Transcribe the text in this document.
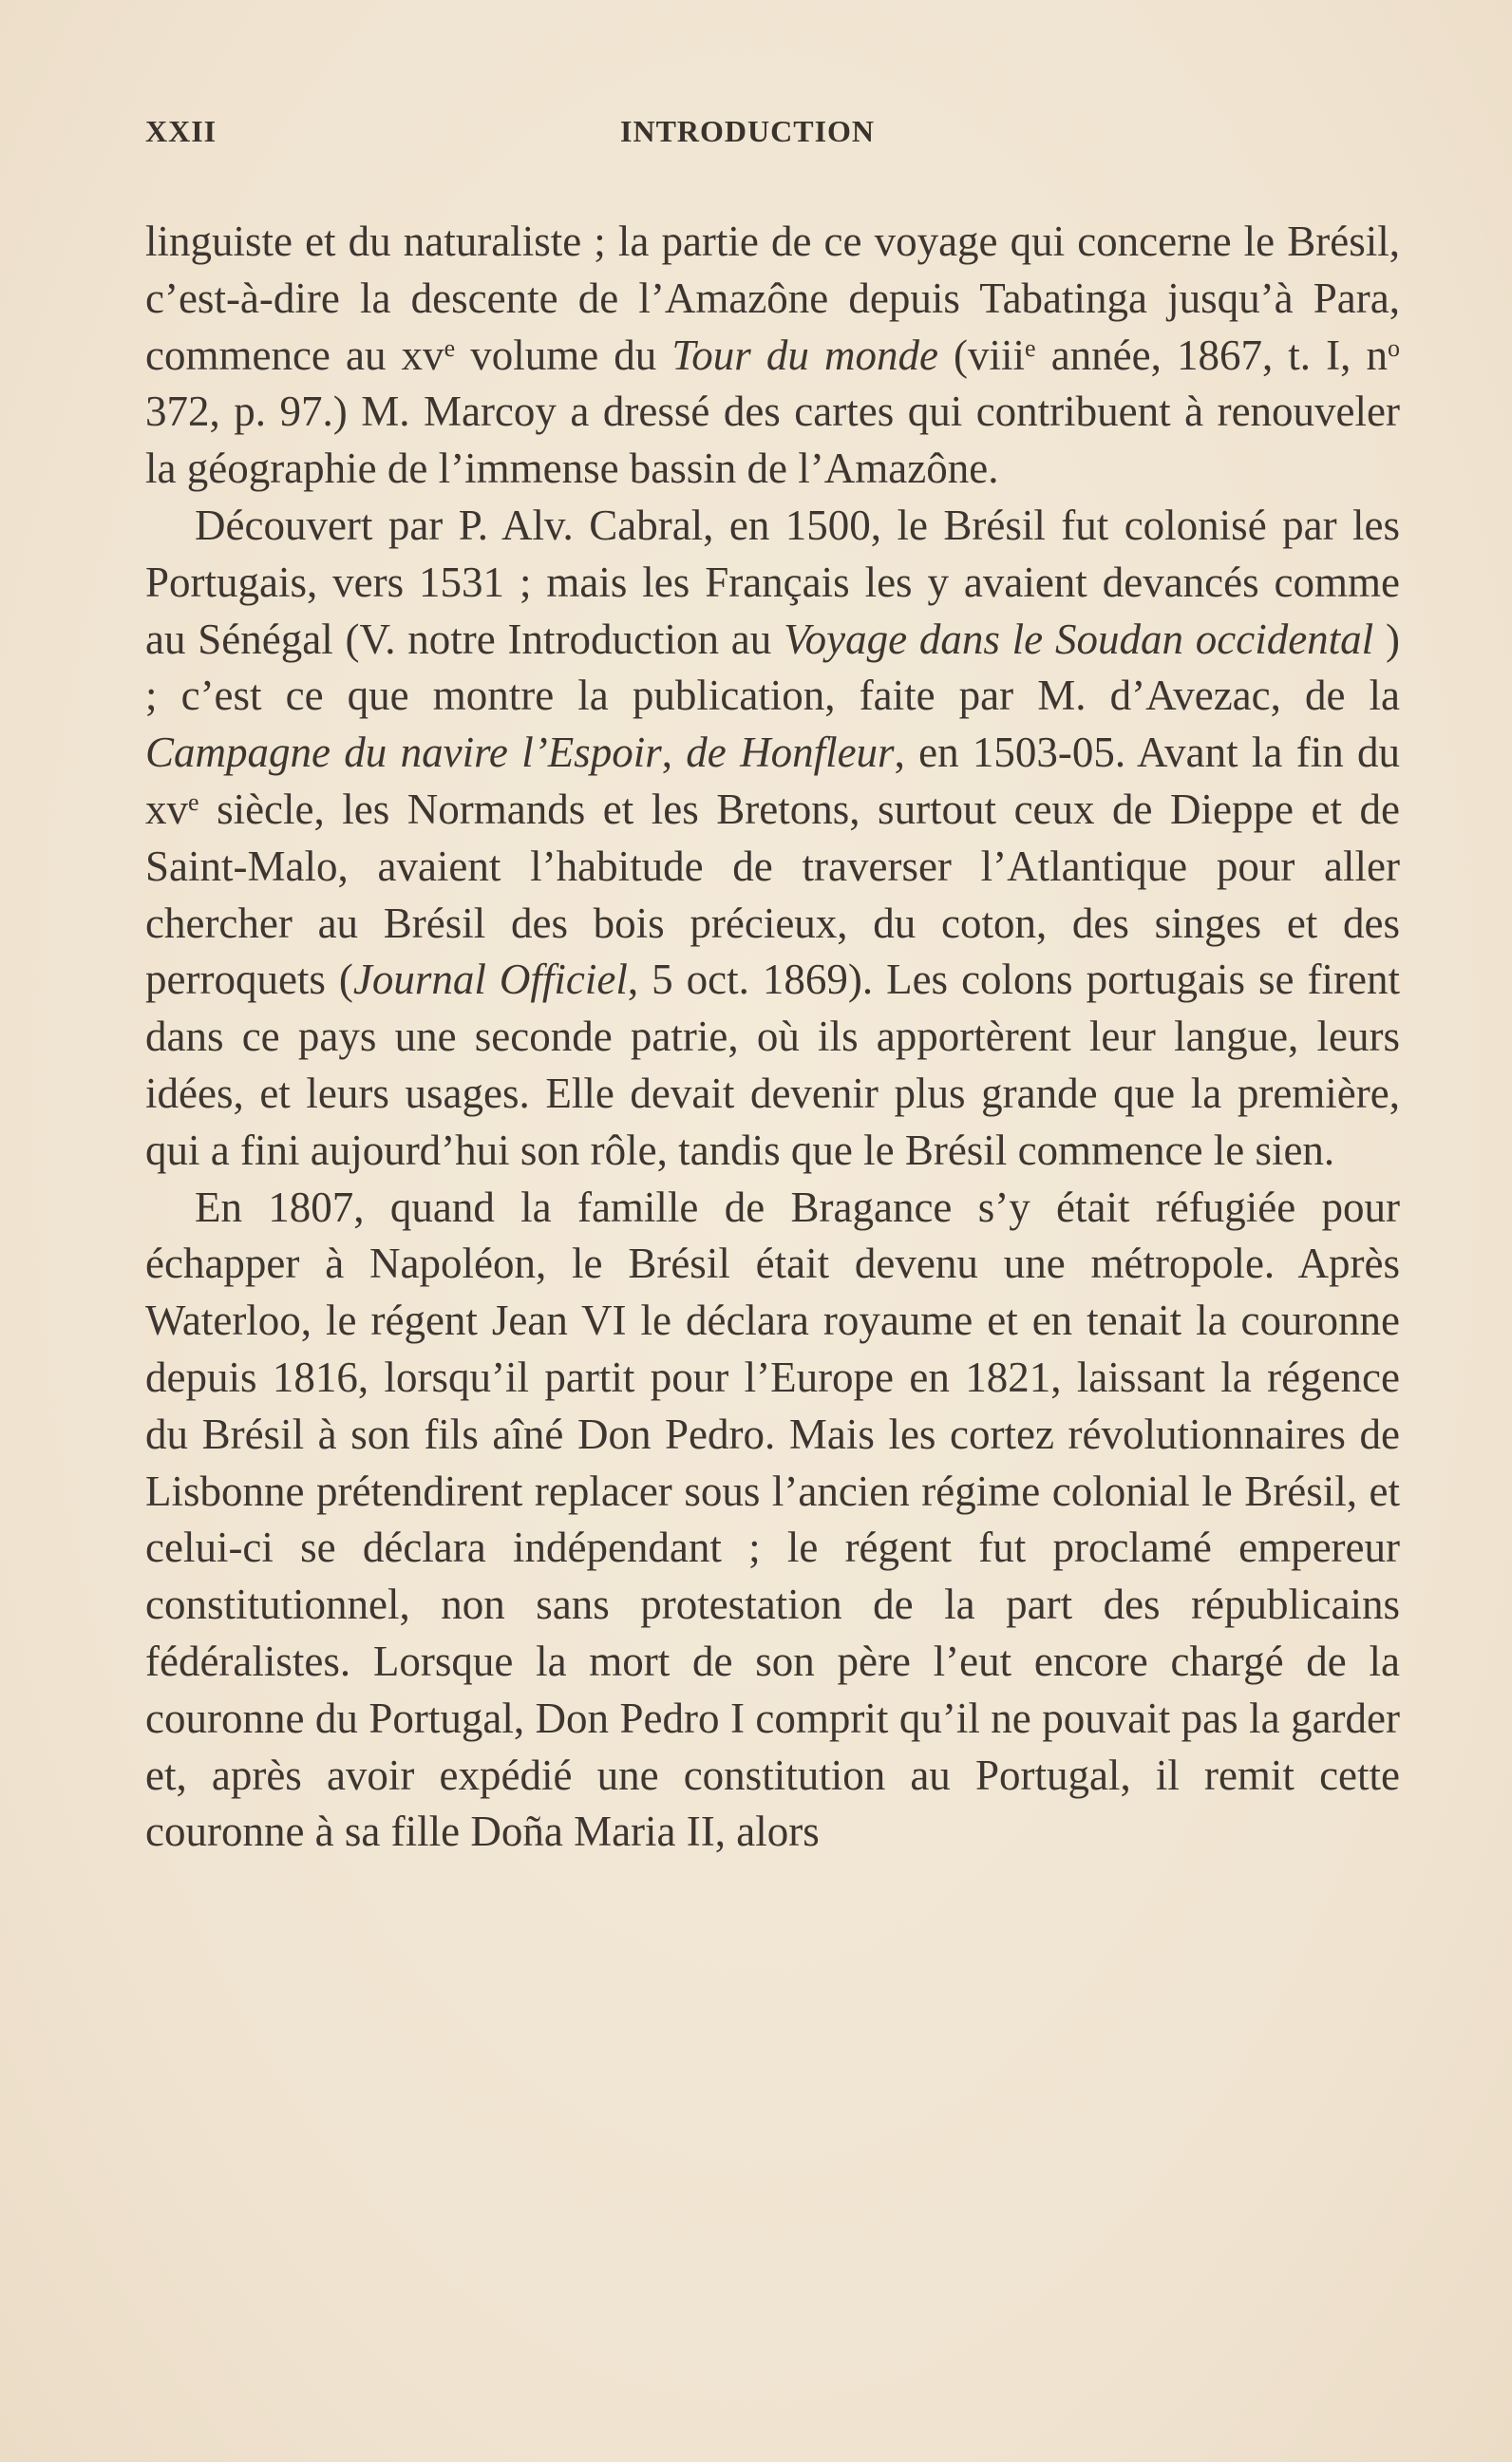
XXII	INTRODUCTION

linguiste et du naturaliste ; la partie de ce voyage qui concerne le Brésil, c’est-à-dire la descente de l’Amazône depuis Tabatinga jusqu’à Para, commence au $xv^e$ volume du Tour du monde (viii$^e$ année, 1867, t. I, $n^o$ 372, p. 97.) M. Marcoy a dressé des cartes qui contribuent à renouveler la géographie de l’immense bassin de l’Amazône.

Découvert par P. Alv. Cabral, en 1500, le Brésil fut colonisé par les Portugais, vers 1531 ; mais les Français les y avaient devancés comme au Sénégal (V. notre Introduction au Voyage dans le Soudan occidental ) ; c’est ce que montre la publication, faite par M. d’Avezac, de la Campagne du navire l’Espoir, de Honfleur, en 1503-05. Avant la fin du $xv^e$ siècle, les Normands et les Bretons, surtout ceux de Dieppe et de Saint-Malo, avaient l’habitude de traverser l’Atlantique pour aller chercher au Brésil des bois précieux, du coton, des singes et des perroquets (Journal Officiel, 5 oct. 1869). Les colons portugais se firent dans ce pays une seconde patrie, où ils apportèrent leur langue, leurs idées, et leurs usages. Elle devait devenir plus grande que la première, qui a fini aujourd’hui son rôle, tandis que le Brésil commence le sien.

En 1807, quand la famille de Bragance s’y était réfugiée pour échapper à Napoléon, le Brésil était devenu une métropole. Après Waterloo, le régent Jean VI le déclara royaume et en tenait la couronne depuis 1816, lorsqu’il partit pour l’Europe en 1821, laissant la régence du Brésil à son fils aîné Don Pedro. Mais les cortez révolutionnaires de Lisbonne prétendirent replacer sous l’ancien régime colonial le Brésil, et celui-ci se déclara indépendant ; le régent fut proclamé empereur constitutionnel, non sans protestation de la part des républicains fédéralistes. Lorsque la mort de son père l’eut encore chargé de la couronne du Portugal, Don Pedro I comprit qu’il ne pouvait pas la garder et, après avoir expédié une constitution au Portugal, il remit cette couronne à sa fille Doña Maria II, alors
